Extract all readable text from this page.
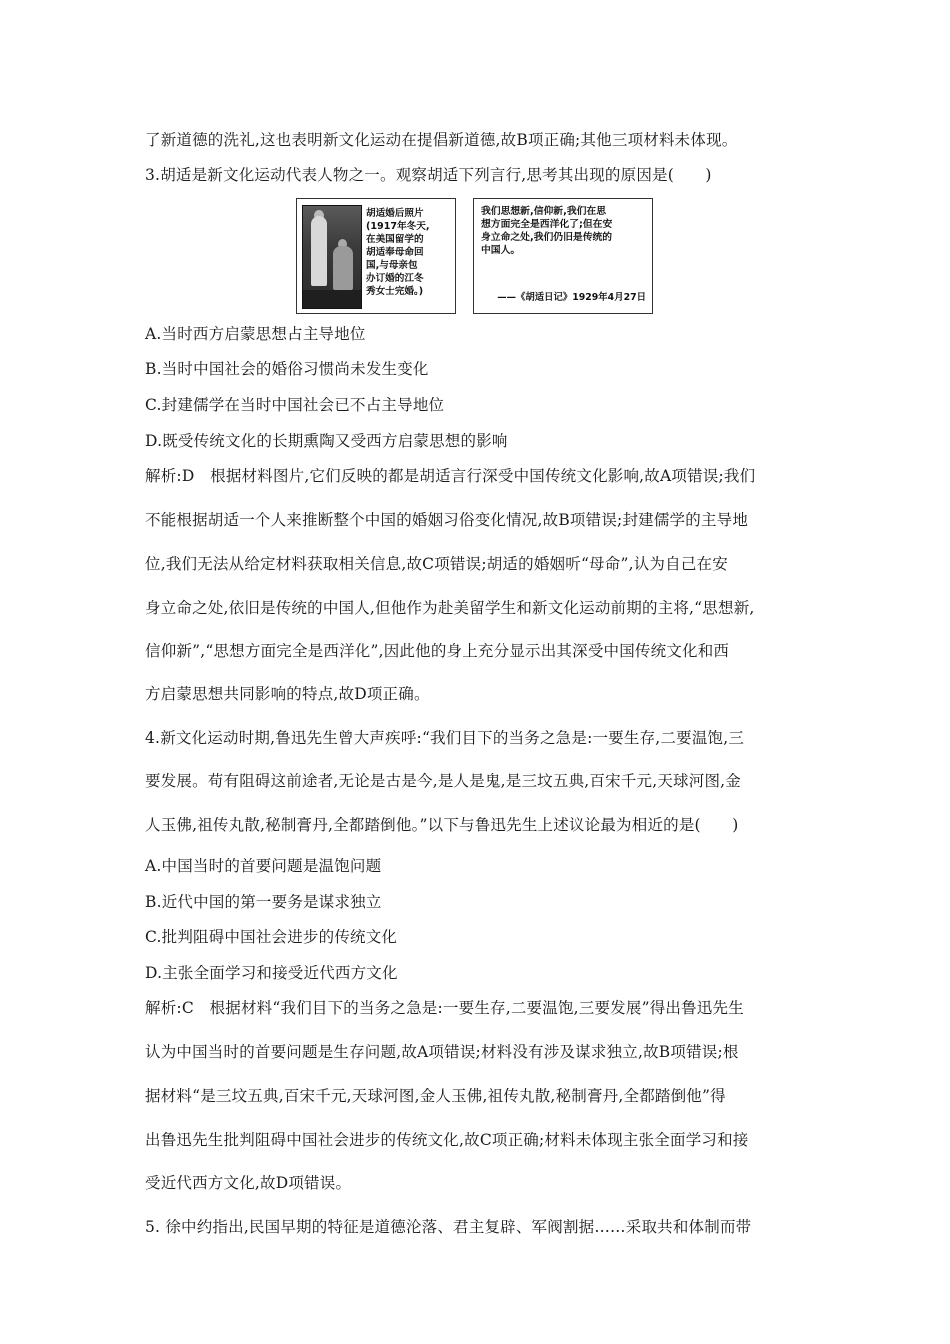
了新道德的洗礼,这也表明新文化运动在提倡新道德,故B项正确;其他三项材料未体现。
3.胡适是新文化运动代表人物之一。观察胡适下列言行,思考其出现的原因是(　　)
胡适婚后照片
(1917年冬天,
在美国留学的
胡适奉母命回
国,与母亲包
办订婚的江冬
秀女士完婚。)
我们思想新,信仰新,我们在思
想方面完全是西洋化了;但在安
身立命之处,我们仍旧是传统的
中国人。
——《胡适日记》1929年4月27日
A.当时西方启蒙思想占主导地位
B.当时中国社会的婚俗习惯尚未发生变化
C.封建儒学在当时中国社会已不占主导地位
D.既受传统文化的长期熏陶又受西方启蒙思想的影响
解析:D　根据材料图片,它们反映的都是胡适言行深受中国传统文化影响,故A项错误;我们
不能根据胡适一个人来推断整个中国的婚姻习俗变化情况,故B项错误;封建儒学的主导地
位,我们无法从给定材料获取相关信息,故C项错误;胡适的婚姻听“母命”,认为自己在安
身立命之处,依旧是传统的中国人,但他作为赴美留学生和新文化运动前期的主将,“思想新,
信仰新”,“思想方面完全是西洋化”,因此他的身上充分显示出其深受中国传统文化和西
方启蒙思想共同影响的特点,故D项正确。
4.新文化运动时期,鲁迅先生曾大声疾呼:“我们目下的当务之急是:一要生存,二要温饱,三
要发展。苟有阻碍这前途者,无论是古是今,是人是鬼,是三坟五典,百宋千元,天球河图,金
人玉佛,祖传丸散,秘制膏丹,全都踏倒他。”以下与鲁迅先生上述议论最为相近的是(　　)
A.中国当时的首要问题是温饱问题
B.近代中国的第一要务是谋求独立
C.批判阻碍中国社会进步的传统文化
D.主张全面学习和接受近代西方文化
解析:C　根据材料“我们目下的当务之急是:一要生存,二要温饱,三要发展”得出鲁迅先生
认为中国当时的首要问题是生存问题,故A项错误;材料没有涉及谋求独立,故B项错误;根
据材料“是三坟五典,百宋千元,天球河图,金人玉佛,祖传丸散,秘制膏丹,全都踏倒他”得
出鲁迅先生批判阻碍中国社会进步的传统文化,故C项正确;材料未体现主张全面学习和接
受近代西方文化,故D项错误。
5. 徐中约指出,民国早期的特征是道德沦落、君主复辟、军阀割据……采取共和体制而带
